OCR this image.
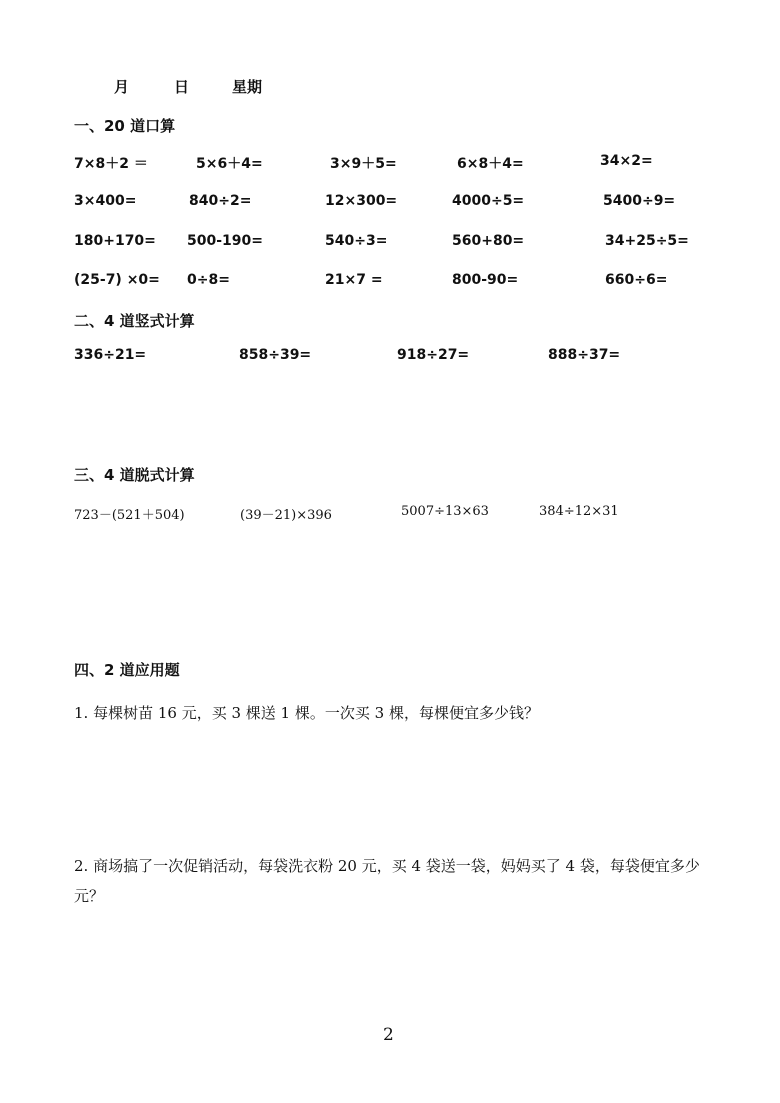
月	日	星期
一、20 道口算
7×8＋2 ＝	5×6＋4=	3×9＋5=	6×8＋4=	34×2=
3×400=	840÷2=	12×300=	4000÷5=	5400÷9=
180+170= 500-190=	540÷3=	560+80=	34+25÷5=
(25-7) ×0= 0÷8=	21×7 =	800-90=	660÷6=
二、4 道竖式计算
336÷21=	858÷39=	918÷27=	888÷37=
三、4 道脱式计算
723－(521＋504)	(39－21)×396	5007÷13×63	384÷12×31
四、2 道应用题
1. 每棵树苗 16 元，买 3 棵送 1 棵。一次买 3 棵，每棵便宜多少钱？
2. 商场搞了一次促销活动，每袋洗衣粉 20 元，买 4 袋送一袋，妈妈买了 4 袋，每袋便宜多少
元？
2
